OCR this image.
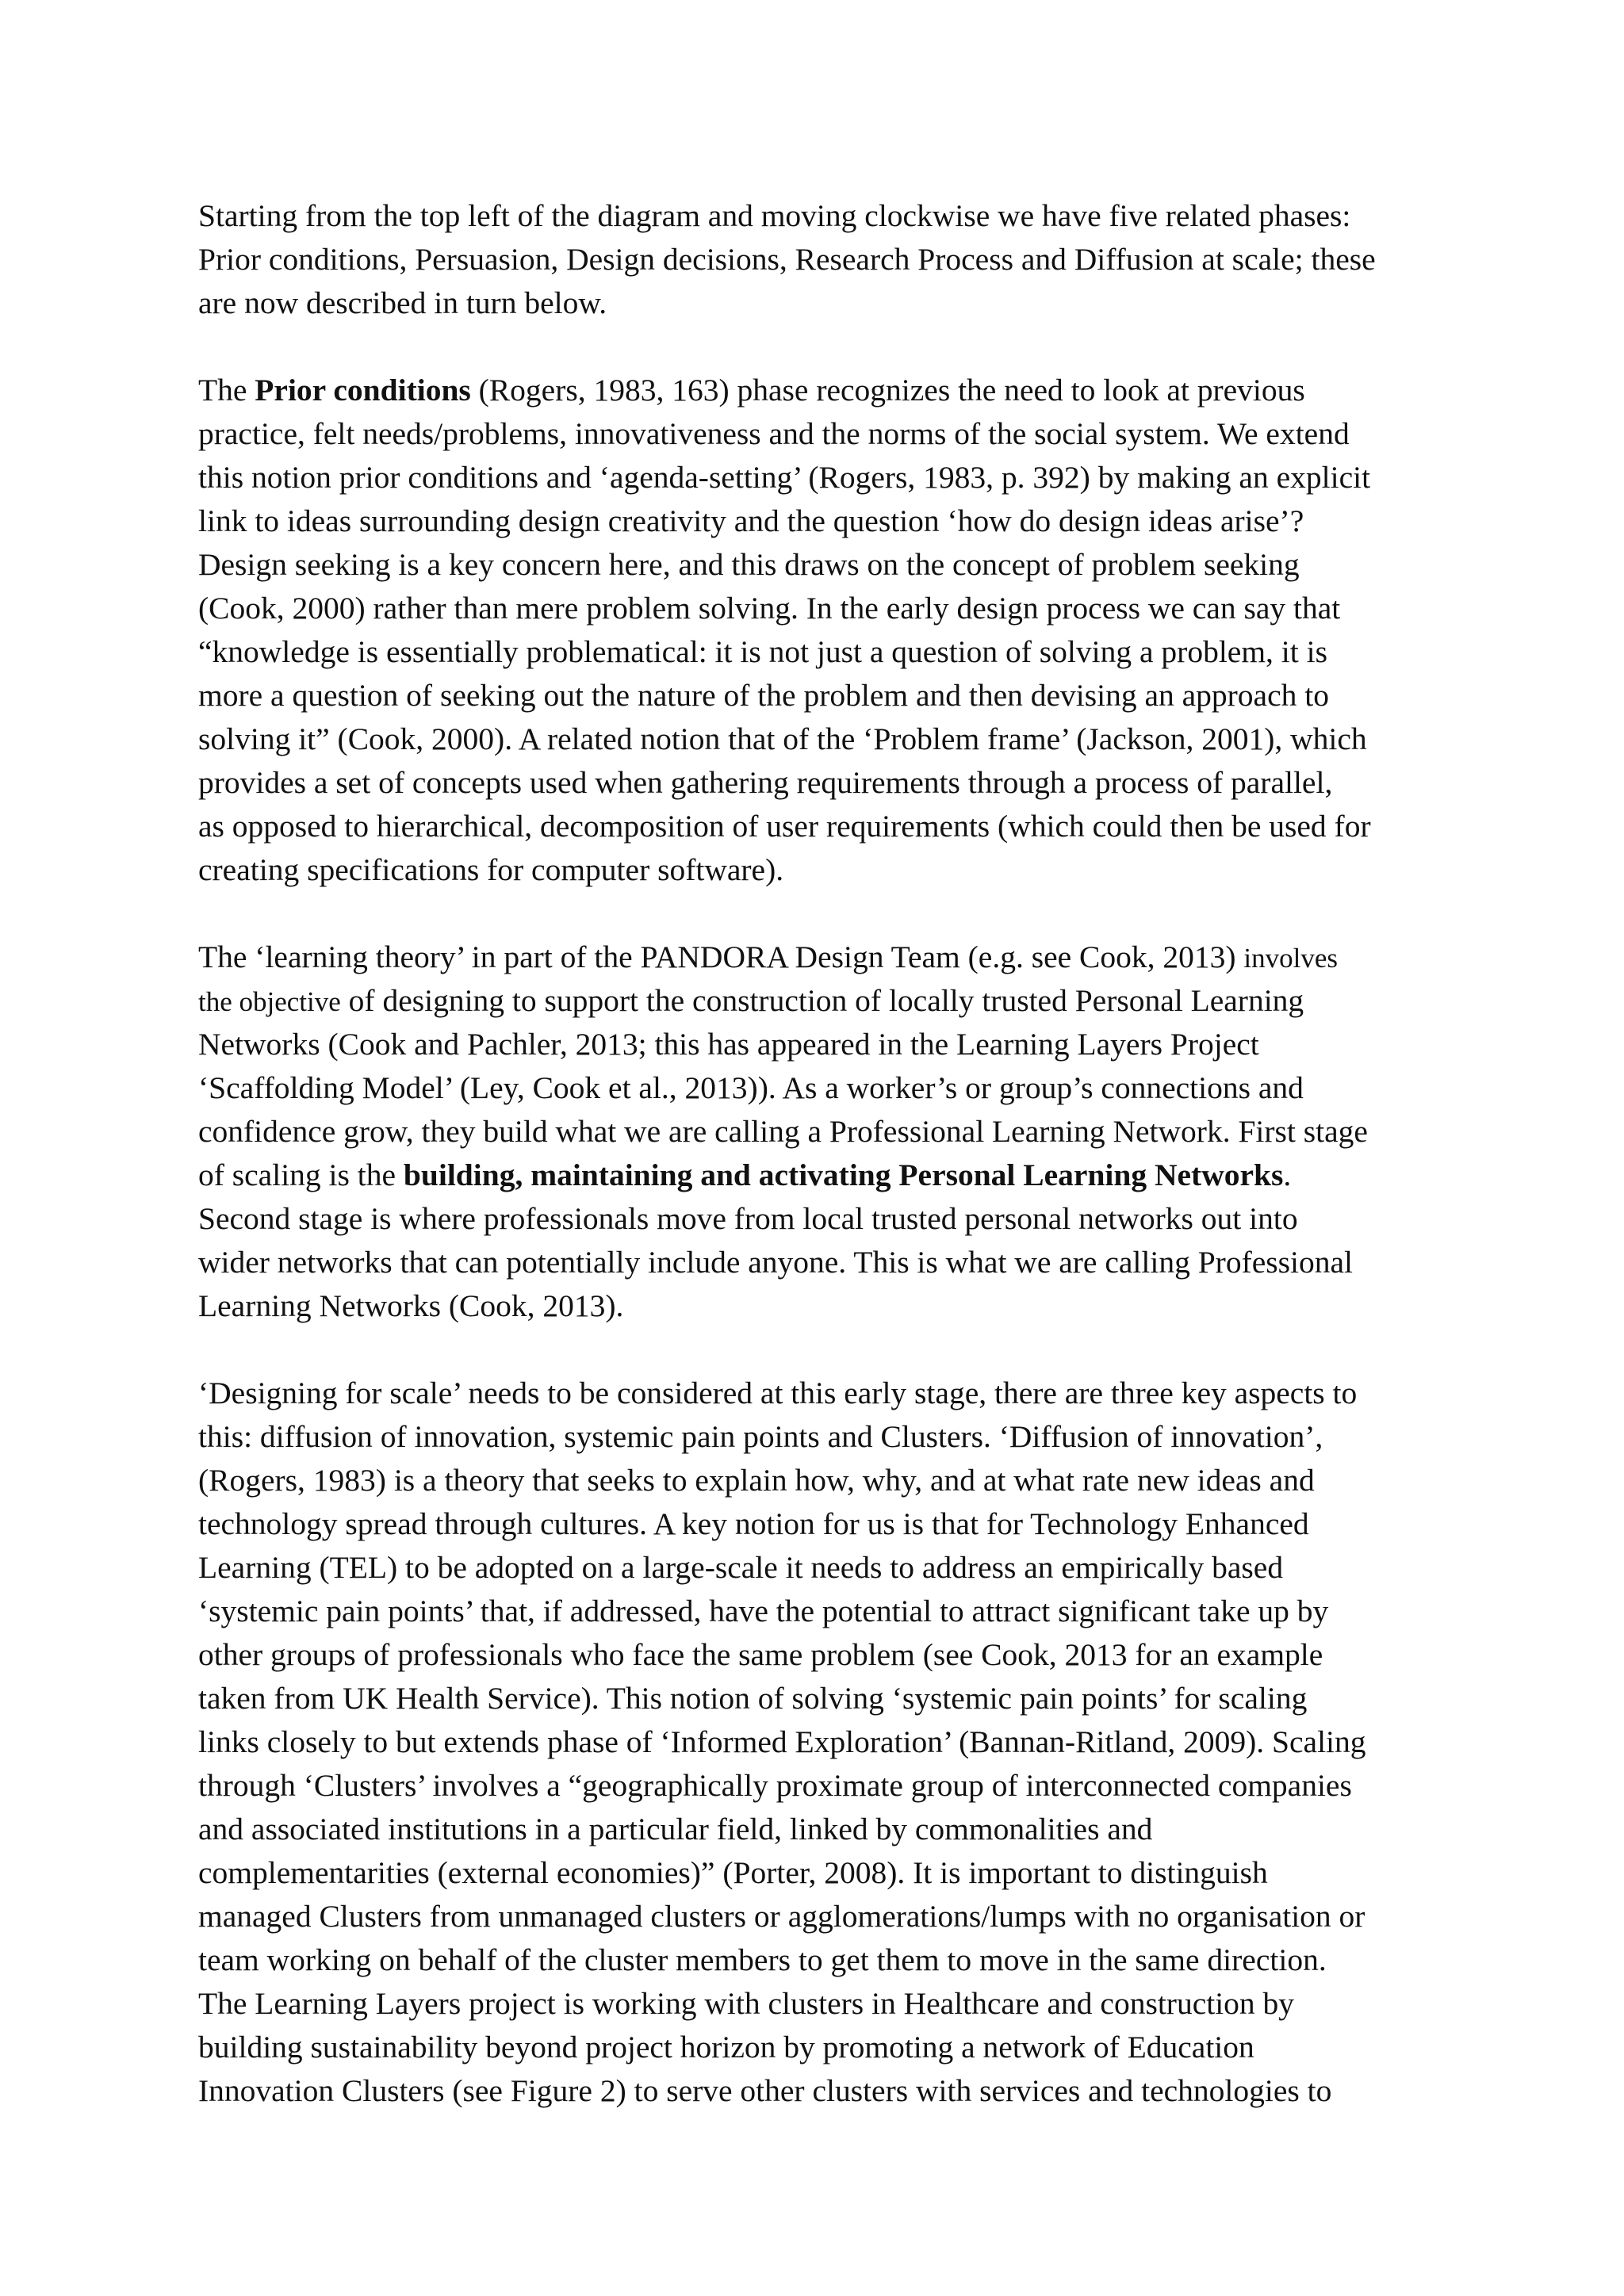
Starting from the top left of the diagram and moving clockwise we have five related phases:
Prior conditions, Persuasion, Design decisions, Research Process and Diffusion at scale; these
are now described in turn below.

The Prior conditions (Rogers, 1983, 163) phase recognizes the need to look at previous
practice, felt needs/problems, innovativeness and the norms of the social system. We extend
this notion prior conditions and ‘agenda-setting’ (Rogers, 1983, p. 392) by making an explicit
link to ideas surrounding design creativity and the question ‘how do design ideas arise’?
Design seeking is a key concern here, and this draws on the concept of problem seeking
(Cook, 2000) rather than mere problem solving. In the early design process we can say that
“knowledge is essentially problematical: it is not just a question of solving a problem, it is
more a question of seeking out the nature of the problem and then devising an approach to
solving it” (Cook, 2000). A related notion that of the ‘Problem frame’ (Jackson, 2001), which
provides a set of concepts used when gathering requirements through a process of parallel,
as opposed to hierarchical, decomposition of user requirements (which could then be used for
creating specifications for computer software).

The ‘learning theory’ in part of the PANDORA Design Team (e.g. see Cook, 2013) involves
the objective of designing to support the construction of locally trusted Personal Learning
Networks (Cook and Pachler, 2013; this has appeared in the Learning Layers Project
‘Scaffolding Model’ (Ley, Cook et al., 2013)). As a worker’s or group’s connections and
confidence grow, they build what we are calling a Professional Learning Network. First stage
of scaling is the building, maintaining and activating Personal Learning Networks.
Second stage is where professionals move from local trusted personal networks out into
wider networks that can potentially include anyone. This is what we are calling Professional
Learning Networks (Cook, 2013).

‘Designing for scale’ needs to be considered at this early stage, there are three key aspects to
this: diffusion of innovation, systemic pain points and Clusters. ‘Diffusion of innovation’,
(Rogers, 1983) is a theory that seeks to explain how, why, and at what rate new ideas and
technology spread through cultures. A key notion for us is that for Technology Enhanced
Learning (TEL) to be adopted on a large-scale it needs to address an empirically based
‘systemic pain points’ that, if addressed, have the potential to attract significant take up by
other groups of professionals who face the same problem (see Cook, 2013 for an example
taken from UK Health Service). This notion of solving ‘systemic pain points’ for scaling
links closely to but extends phase of ‘Informed Exploration’ (Bannan-Ritland, 2009). Scaling
through ‘Clusters’ involves a “geographically proximate group of interconnected companies
and associated institutions in a particular field, linked by commonalities and
complementarities (external economies)” (Porter, 2008). It is important to distinguish
managed Clusters from unmanaged clusters or agglomerations/lumps with no organisation or
team working on behalf of the cluster members to get them to move in the same direction.
The Learning Layers project is working with clusters in Healthcare and construction by
building sustainability beyond project horizon by promoting a network of Education
Innovation Clusters (see Figure 2) to serve other clusters with services and technologies to
